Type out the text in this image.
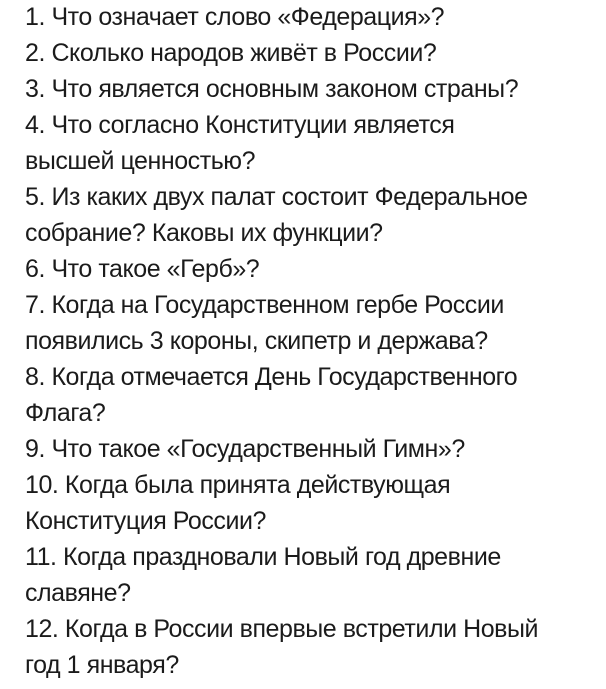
1. Что означает слово «Федерация»?
2. Сколько народов живёт в России?
3. Что является основным законом страны?
4. Что согласно Конституции является
высшей ценностью?
5. Из каких двух палат состоит Федеральное
собрание? Каковы их функции?
6. Что такое «Герб»?
7. Когда на Государственном гербе России
появились 3 короны, скипетр и держава?
8. Когда отмечается День Государственного
Флага?
9. Что такое «Государственный Гимн»?
10. Когда была принята действующая
Конституция России?
11. Когда праздновали Новый год древние
славяне?
12. Когда в России впервые встретили Новый
год 1 января?
